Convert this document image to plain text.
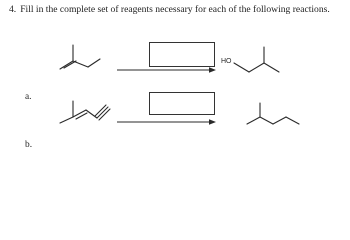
4. Fill in the complete set of reagents necessary for each of the following reactions.
a.
HO
b.
